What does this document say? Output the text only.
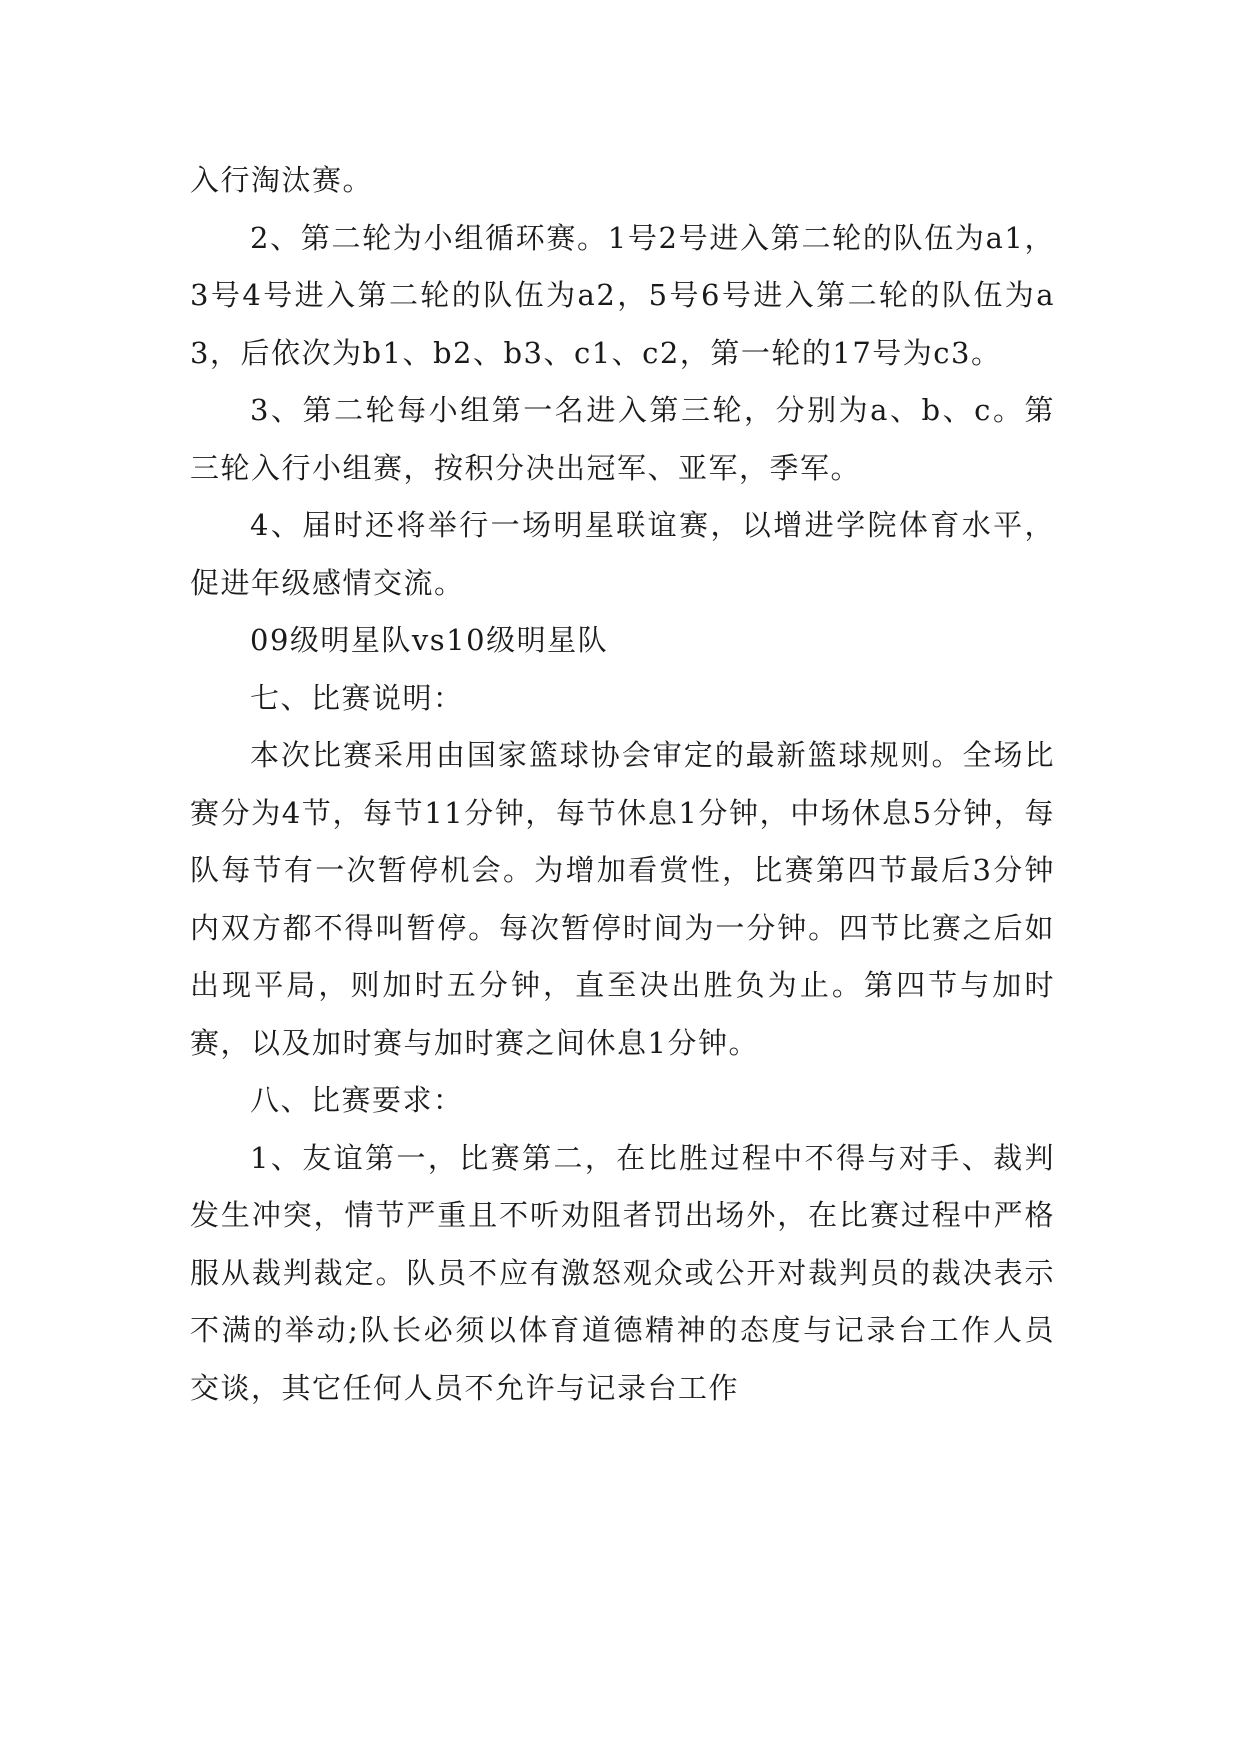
入行淘汰赛。

2、第二轮为小组循环赛。1号2号进入第二轮的队伍为a1，3号4号进入第二轮的队伍为a2，5号6号进入第二轮的队伍为a3，后依次为b1、b2、b3、c1、c2，第一轮的17号为c3。

3、第二轮每小组第一名进入第三轮，分别为a、b、c。第三轮入行小组赛，按积分决出冠军、亚军，季军。

4、届时还将举行一场明星联谊赛，以增进学院体育水平，促进年级感情交流。

09级明星队vs10级明星队

七、比赛说明：

本次比赛采用由国家篮球协会审定的最新篮球规则。全场比赛分为4节，每节11分钟，每节休息1分钟，中场休息5分钟，每队每节有一次暂停机会。为增加看赏性，比赛第四节最后3分钟内双方都不得叫暂停。每次暂停时间为一分钟。四节比赛之后如出现平局，则加时五分钟，直至决出胜负为止。第四节与加时赛，以及加时赛与加时赛之间休息1分钟。

八、比赛要求：

1、友谊第一，比赛第二，在比胜过程中不得与对手、裁判发生冲突，情节严重且不听劝阻者罚出场外，在比赛过程中严格服从裁判裁定。队员不应有激怒观众或公开对裁判员的裁决表示不满的举动;队长必须以体育道德精神的态度与记录台工作人员交谈，其它任何人员不允许与记录台工作
